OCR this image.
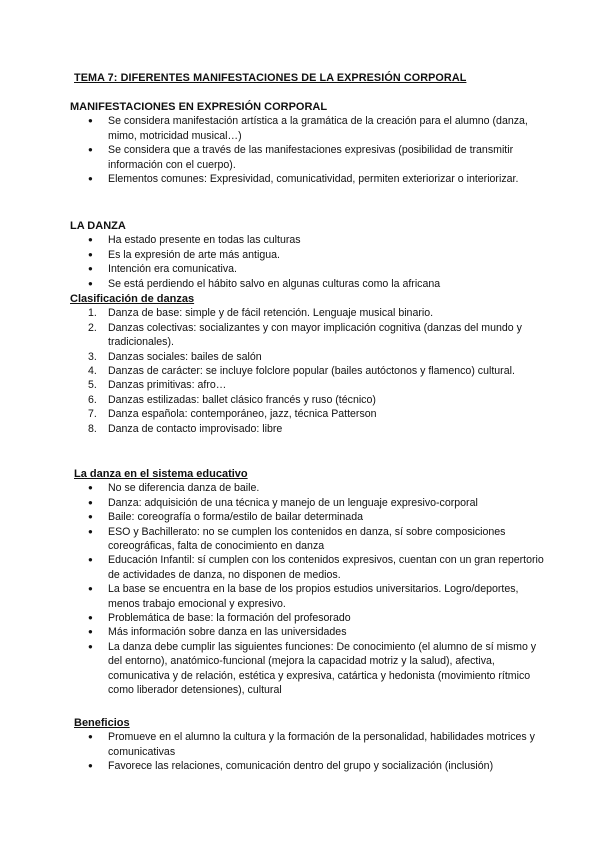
TEMA 7: DIFERENTES MANIFESTACIONES DE LA EXPRESIÓN CORPORAL
MANIFESTACIONES EN EXPRESIÓN CORPORAL
● Se considera manifestación artística a la gramática de la creación para el alumno (danza, mimo, motricidad musical…)
● Se considera que a través de las manifestaciones expresivas (posibilidad de transmitir información con el cuerpo).
● Elementos comunes: Expresividad, comunicatividad, permiten exteriorizar o interiorizar.
LA DANZA
● Ha estado presente en todas las culturas
● Es la expresión de arte más antigua.
● Intención era comunicativa.
● Se está perdiendo el hábito salvo en algunas culturas como la africana
Clasificación de danzas
1. Danza de base: simple y de fácil retención. Lenguaje musical binario.
2. Danzas colectivas: socializantes y con mayor implicación cognitiva (danzas del mundo y tradicionales).
3. Danzas sociales: bailes de salón
4. Danzas de carácter: se incluye folclore popular (bailes autóctonos y flamenco) cultural.
5. Danzas primitivas: afro…
6. Danzas estilizadas: ballet clásico francés y ruso (técnico)
7. Danza española: contemporáneo, jazz, técnica Patterson
8. Danza de contacto improvisado: libre
La danza en el sistema educativo
● No se diferencia danza de baile.
● Danza: adquisición de una técnica y manejo de un lenguaje expresivo-corporal
● Baile: coreografía o forma/estilo de bailar determinada
● ESO y Bachillerato: no se cumplen los contenidos en danza, sí sobre composiciones coreográficas, falta de conocimiento en danza
● Educación Infantil: sí cumplen con los contenidos expresivos, cuentan con un gran repertorio de actividades de danza, no disponen de medios.
● La base se encuentra en la base de los propios estudios universitarios. Logro/deportes, menos trabajo emocional y expresivo.
● Problemática de base: la formación del profesorado
● Más información sobre danza en las universidades
● La danza debe cumplir las siguientes funciones: De conocimiento (el alumno de sí mismo y del entorno), anatómico-funcional (mejora la capacidad motriz y la salud), afectiva, comunicativa y de relación, estética y expresiva, catártica y hedonista (movimiento rítmico como liberador detensiones), cultural
Beneficios
● Promueve en el alumno la cultura y la formación de la personalidad, habilidades motrices y comunicativas
● Favorece las relaciones, comunicación dentro del grupo y socialización (inclusión)
